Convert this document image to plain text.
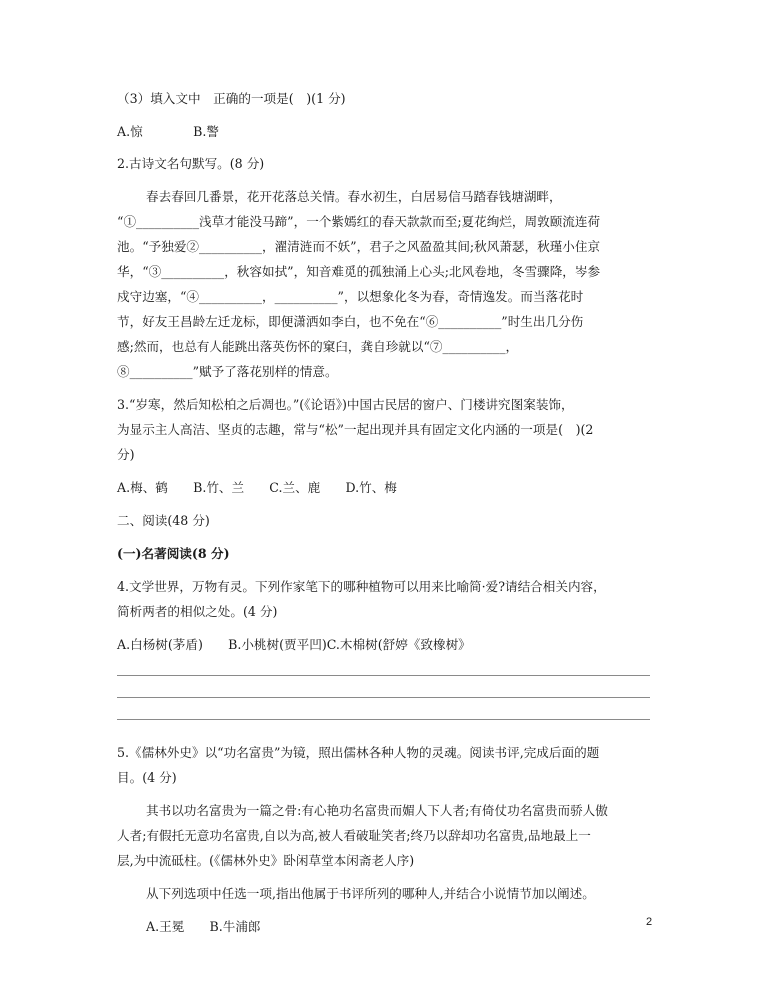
（3）填入文中　正确的一项是(　)(1 分)
A.惊　　　　B.警
2.古诗文名句默写。(8 分)
春去春回几番景，花开花落总关情。春水初生，白居易信马踏春钱塘湖畔，
“①__________浅草才能没马蹄”，一个紫嫣红的春天款款而至;夏花绚烂，周敦颐流连荷
池。“予独爱②__________，濯清涟而不妖”，君子之风盈盈其间;秋风萧瑟，秋瑾小住京
华，“③__________，秋容如拭”，知音难觅的孤独涌上心头;北风卷地，冬雪骤降，岑参
戍守边塞，“④__________，__________”，以想象化冬为春，奇情逸发。而当落花时
节，好友王昌龄左迁龙标，即便潇洒如李白，也不免在“⑥__________”时生出几分伤
感;然而，也总有人能跳出落英伤怀的窠臼，龚自珍就以“⑦__________，
⑧__________”赋予了落花别样的情意。
3.“岁寒，然后知松柏之后凋也。”(《论语》)中国古民居的窗户、门楼讲究图案装饰，
为显示主人高洁、坚贞的志趣，常与“松”一起出现并具有固定文化内涵的一项是(　)(2
分)
A.梅、鹤　　B.竹、兰　　C.兰、鹿　　D.竹、梅
二、阅读(48 分)
(一)名著阅读(8 分)
4.文学世界，万物有灵。下列作家笔下的哪种植物可以用来比喻简·爱?请结合相关内容，
简析两者的相似之处。(4 分)
A.白杨树(茅盾)　　B.小桃树(贾平凹)C.木棉树(舒婷《致橡树》
5.《儒林外史》以“功名富贵”为镜，照出儒林各种人物的灵魂。阅读书评,完成后面的题
目。(4 分)
其书以功名富贵为一篇之骨:有心艳功名富贵而媚人下人者;有倚仗功名富贵而骄人傲
人者;有假托无意功名富贵,自以为高,被人看破耻笑者;终乃以辞却功名富贵,品地最上一
层,为中流砥柱。(《儒林外史》卧闲草堂本闲斋老人序)
从下列选项中任选一项,指出他属于书评所列的哪种人,并结合小说情节加以阐述。
A.王冕　　B.牛浦郎	2
